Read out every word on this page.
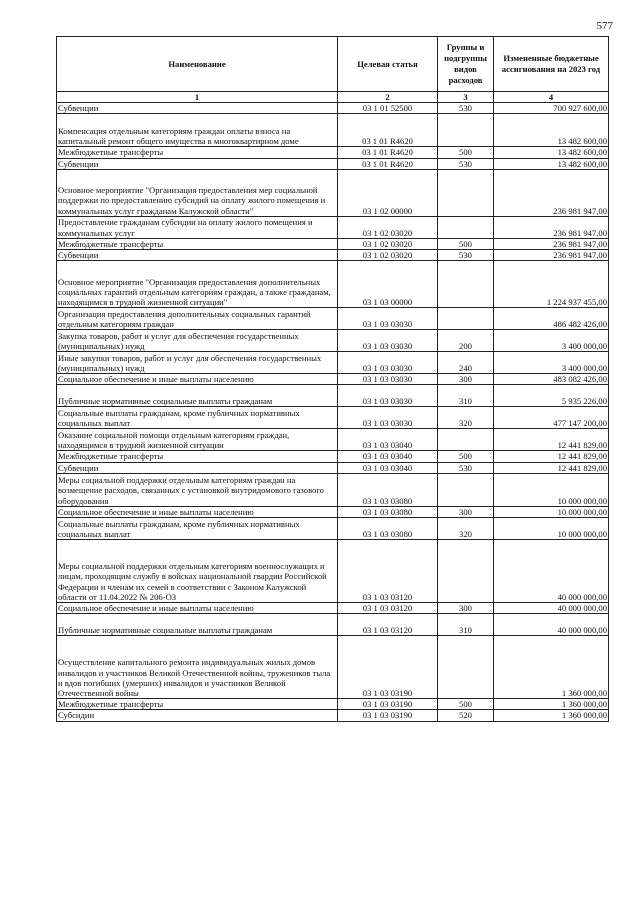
577
Наименование	Целевая статья	Группы и подгруппы видов расходов	Измененные бюджетные ассигнования на 2023 год
1	2	3	4
Субвенции	03 1 01 52500	530	700 927 600,00
Компенсация отдельным категориям граждан оплаты взноса на капитальный ремонт общего имущества в многоквартирном доме	03 1 01 R4620		13 482 600,00
Межбюджетные трансферты	03 1 01 R4620	500	13 482 600,00
Субвенции	03 1 01 R4620	530	13 482 600,00
Основное мероприятие "Организация предоставления мер социальной поддержки по предоставлению субсидий на оплату жилого помещения и коммунальных услуг гражданам Калужской области"	03 1 02 00000		236 981 947,00
Предоставление гражданам субсидии на оплату жилого помещения и коммунальных услуг	03 1 02 03020		236 981 947,00
Межбюджетные трансферты	03 1 02 03020	500	236 981 947,00
Субвенции	03 1 02 03020	530	236 981 947,00
Основное мероприятие "Организация предоставления дополнительных социальных гарантий отдельным категориям граждан, а также гражданам, находящимся в трудной жизненной ситуации"	03 1 03 00000		1 224 937 455,00
Организация предоставления дополнительных социальных гарантий отдельным категориям граждан	03 1 03 03030		486 482 426,00
Закупка товаров, работ и услуг для обеспечения государственных (муниципальных) нужд	03 1 03 03030	200	3 400 000,00
Иные закупки товаров, работ и услуг для обеспечения государственных (муниципальных) нужд	03 1 03 03030	240	3 400 000,00
Социальное обеспечение и иные выплаты населению	03 1 03 03030	300	483 082 426,00
Публичные нормативные социальные выплаты гражданам	03 1 03 03030	310	5 935 226,00
Социальные выплаты гражданам, кроме публичных нормативных социальных выплат	03 1 03 03030	320	477 147 200,00
Оказание социальной помощи отдельным категориям граждан, находящимся в трудной жизненной ситуации	03 1 03 03040		12 441 829,00
Межбюджетные трансферты	03 1 03 03040	500	12 441 829,00
Субвенции	03 1 03 03040	530	12 441 829,00
Меры социальной поддержки отдельным категориям граждан на возмещение расходов, связанных с установкой внутридомового газового оборудования	03 1 03 03080		10 000 000,00
Социальное обеспечение и иные выплаты населению	03 1 03 03080	300	10 000 000,00
Социальные выплаты гражданам, кроме публичных нормативных социальных выплат	03 1 03 03080	320	10 000 000,00
Меры социальной поддержки отдельным категориям военнослужащих и лицам, проходящим службу в войсках национальной гвардии Российской Федерации и членам их семей в соответствии с Законом Калужской области от 11.04.2022 № 206-ОЗ	03 1 03 03120		40 000 000,00
Социальное обеспечение и иные выплаты населению	03 1 03 03120	300	40 000 000,00
Публичные нормативные социальные выплаты гражданам	03 1 03 03120	310	40 000 000,00
Осуществление капитального ремонта индивидуальных жилых домов инвалидов и участников Великой Отечественной войны, тружеников тыла и вдов погибших (умерших) инвалидов и участников Великой Отечественной войны	03 1 03 03190		1 360 000,00
Межбюджетные трансферты	03 1 03 03190	500	1 360 000,00
Субсидии	03 1 03 03190	520	1 360 000,00
